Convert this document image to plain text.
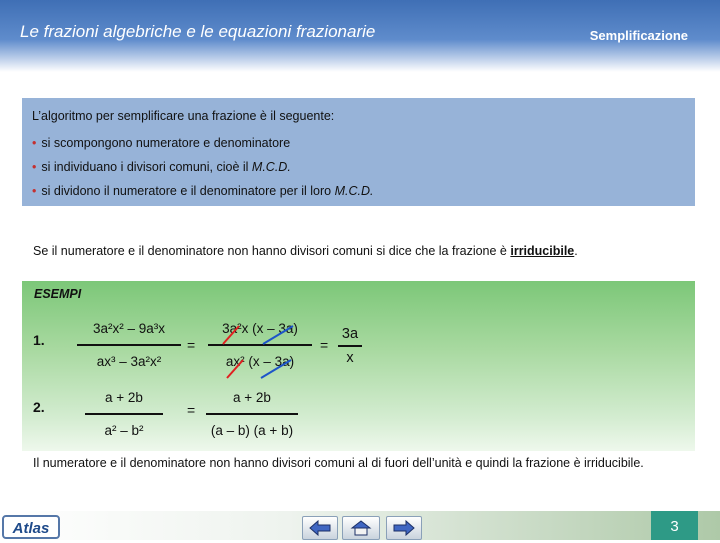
Le frazioni algebriche e le equazioni frazionarie	Semplificazione
L’algoritmo per semplificare una frazione è il seguente:
• si scompongono numeratore e denominatore
• si individuano i divisori comuni, cioè il M.C.D.
• si dividono il numeratore e il denominatore per il loro M.C.D.
Se il numeratore e il denominatore non hanno divisori comuni si dice che la frazione è irriducibile.
ESEMPI
1.
3a²x² – 9a³x
ax³ – 3a²x²
=
3a²x (x – 3a)
ax² (x – 3a)
=
3a
x
2.
a + 2b
a² – b²
=
a + 2b
(a – b) (a + b)
Il numeratore e il denominatore non hanno divisori comuni al di fuori dell’unità e quindi la frazione è irriducibile.
Atlas	3
